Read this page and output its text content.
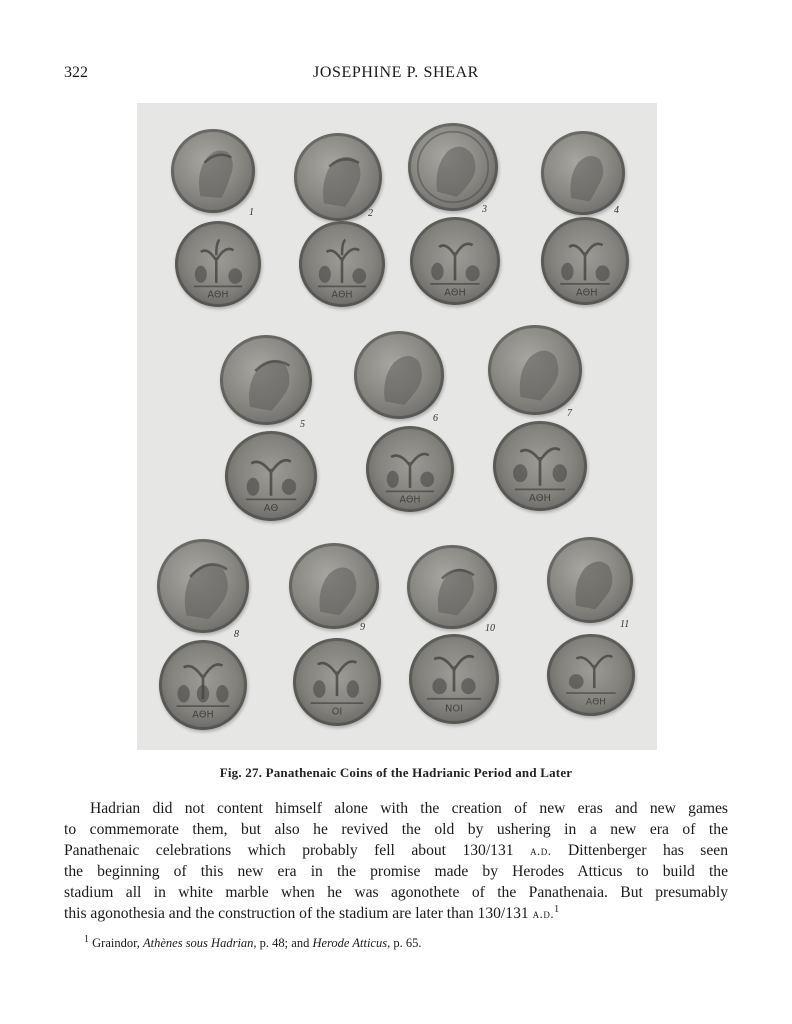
322	JOSEPHINE P. SHEAR
1	2	3	4
ΑΘΗ	ΑΘΗ	ΑΘΗ	ΑΘΗ
5
6	7
ΑΘ
ΑΘΗ	ΑΘΗ
8
9	10	11
ΑΘΗ	ΟΙ	ΝΟΙ
ΑΘΗ
Fig. 27. Panathenaic Coins of the Hadrianic Period and Later
Hadrian did not content himself alone with the creation of new eras and new games
to commemorate them, but also he revived the old by ushering in a new era of the
Panathenaic celebrations which probably fell about 130/131 a.d. Dittenberger has seen
the beginning of this new era in the promise made by Herodes Atticus to build the
stadium all in white marble when he was agonothete of the Panathenaia. But presumably
this agonothesia and the construction of the stadium are later than 130/131 a.d.$^1$
$^1$ Graindor, Athènes sous Hadrian, p. 48; and Herode Atticus, p. 65.
